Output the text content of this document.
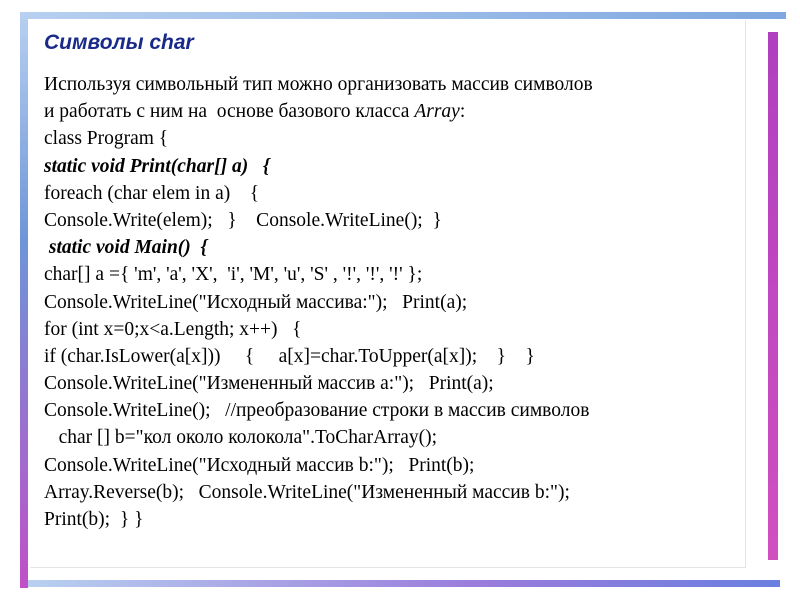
Символы char

Используя символьный тип можно организовать массив символов

и работать с ним на  основе базового класса Array:

class Program {

static void Print(char[] a)   {

foreach (char elem in a)    {

Console.Write(elem);   }    Console.WriteLine();  }

static void Main()  {

char[] a ={ 'm', 'a', 'X',  'i', 'M', 'u', 'S' , '!', '!', '!' };

Console.WriteLine("Исходный массива:");   Print(a);

for (int x=0;x<a.Length; x++)   {

if (char.IsLower(a[x]))     {     a[x]=char.ToUpper(a[x]);    }    }

Console.WriteLine("Измененный массив a:");   Print(a);

Console.WriteLine();   //преобразование строки в массив символов

char [] b="кол около колокола".ToCharArray();

Console.WriteLine("Исходный массив b:");   Print(b);

Array.Reverse(b);   Console.WriteLine("Измененный массив b:");

Print(b);  } }
